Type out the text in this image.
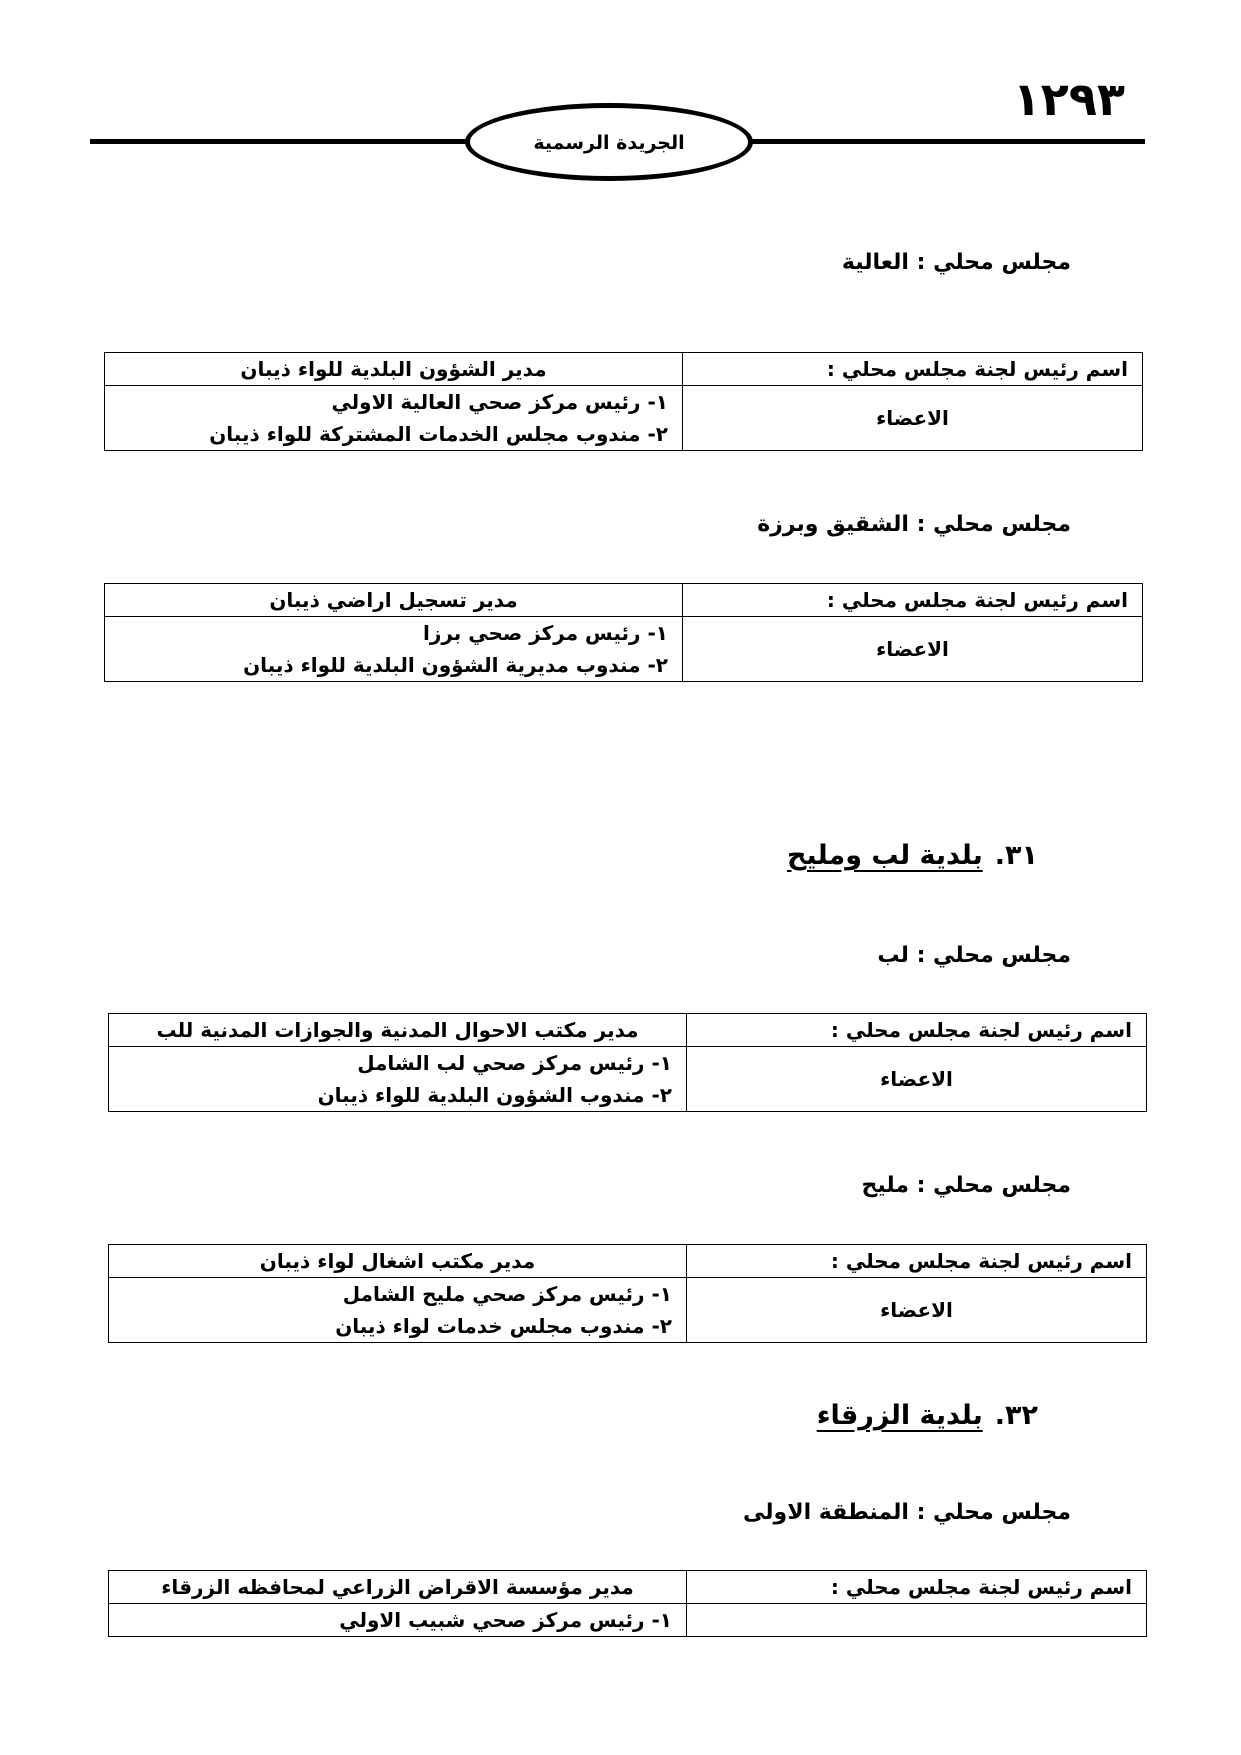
١٢٩٣
الجريدة الرسمية
مجلس محلي : العالية
اسم رئيس لجنة مجلس محلي :	مدير الشؤون البلدية للواء ذيبان
الاعضاء	١- رئيس مركز صحي العالية الاولي
٢- مندوب مجلس الخدمات المشتركة للواء ذيبان
مجلس محلي : الشقيق وبرزة
اسم رئيس لجنة مجلس محلي :	مدير تسجيل اراضي ذيبان
الاعضاء	١- رئيس مركز صحي برزا
٢- مندوب مديرية الشؤون البلدية للواء ذيبان
٣١.بلدية لب ومليح
مجلس محلي : لب
اسم رئيس لجنة مجلس محلي :	مدير مكتب الاحوال المدنية والجوازات المدنية للب
الاعضاء	١- رئيس مركز صحي لب الشامل
٢- مندوب الشؤون البلدية للواء ذيبان
مجلس محلي : مليح
اسم رئيس لجنة مجلس محلي :	مدير مكتب اشغال لواء ذيبان
الاعضاء	١- رئيس مركز صحي مليح الشامل
٢- مندوب مجلس خدمات لواء ذيبان
٣٢.بلدية الزرقاء
مجلس محلي : المنطقة الاولى
اسم رئيس لجنة مجلس محلي :	مدير مؤسسة الاقراض الزراعي لمحافظه الزرقاء

	١- رئيس مركز صحي شبيب الاولي
